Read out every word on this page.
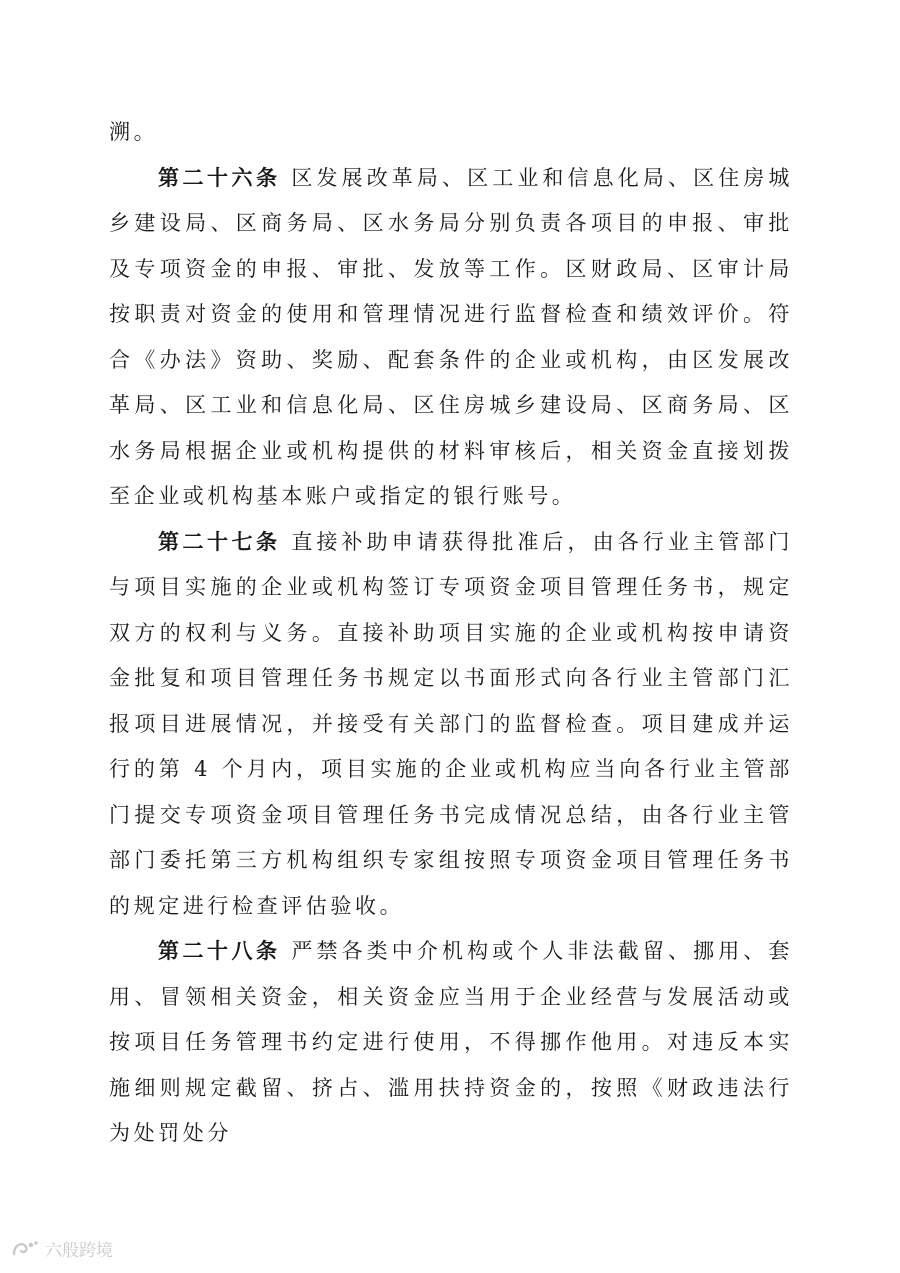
溯。

第二十六条 区发展改革局、区工业和信息化局、区住房城乡建设局、区商务局、区水务局分别负责各项目的申报、审批及专项资金的申报、审批、发放等工作。区财政局、区审计局按职责对资金的使用和管理情况进行监督检查和绩效评价。符合《办法》资助、奖励、配套条件的企业或机构，由区发展改革局、区工业和信息化局、区住房城乡建设局、区商务局、区水务局根据企业或机构提供的材料审核后，相关资金直接划拨至企业或机构基本账户或指定的银行账号。

第二十七条 直接补助申请获得批准后，由各行业主管部门与项目实施的企业或机构签订专项资金项目管理任务书，规定双方的权利与义务。直接补助项目实施的企业或机构按申请资金批复和项目管理任务书规定以书面形式向各行业主管部门汇报项目进展情况，并接受有关部门的监督检查。项目建成并运行的第 4 个月内，项目实施的企业或机构应当向各行业主管部门提交专项资金项目管理任务书完成情况总结，由各行业主管部门委托第三方机构组织专家组按照专项资金项目管理任务书的规定进行检查评估验收。

第二十八条 严禁各类中介机构或个人非法截留、挪用、套用、冒领相关资金，相关资金应当用于企业经营与发展活动或按项目任务管理书约定进行使用，不得挪作他用。对违反本实施细则规定截留、挤占、滥用扶持资金的，按照《财政违法行为处罚处分

六般跨境
